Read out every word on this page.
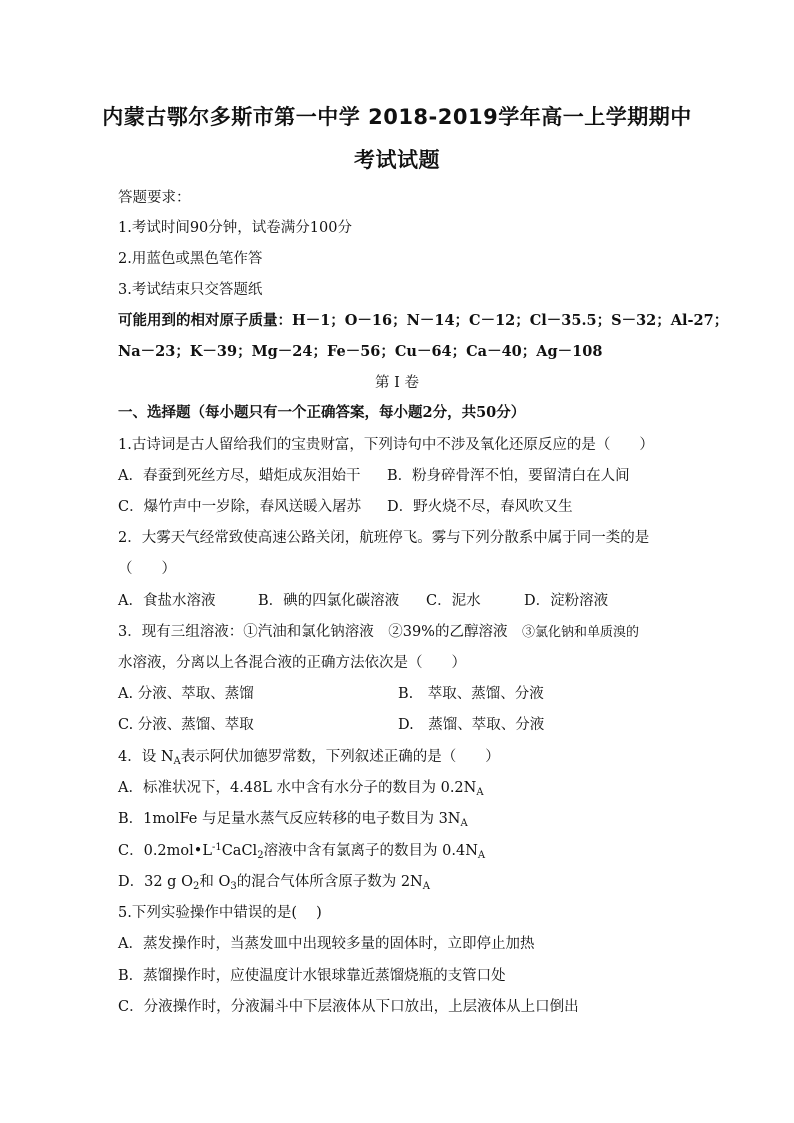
内蒙古鄂尔多斯市第一中学 2018-2019学年高一上学期期中
考试试题
答题要求：
1.考试时间90分钟，试卷满分100分
2.用蓝色或黑色笔作答
3.考试结束只交答题纸
可能用到的相对原子质量：H－1；O－16；N－14；C－12；Cl－35.5；S－32；Al-27；
Na－23；K－39；Mg－24；Fe－56；Cu－64；Ca－40；Ag－108
第 Ⅰ 卷
一、选择题（每小题只有一个正确答案，每小题2分，共50分）
1.古诗词是古人留给我们的宝贵财富，下列诗句中不涉及氧化还原反应的是（　　）
A．春蚕到死丝方尽，蜡炬成灰泪始干 B．粉身碎骨浑不怕，要留清白在人间
C．爆竹声中一岁除，春风送暖入屠苏 D．野火烧不尽，春风吹又生
2．大雾天气经常致使高速公路关闭，航班停飞。雾与下列分散系中属于同一类的是
（　　）
A．食盐水溶液	B．碘的四氯化碳溶液 C．泥水	D．淀粉溶液
3．现有三组溶液：①汽油和氯化钠溶液　②39%的乙醇溶液　③氯化钠和单质溴的
水溶液，分离以上各混合液的正确方法依次是（　　）
A. 分液、萃取、蒸馏	B.　萃取、蒸馏、分液
C. 分液、蒸馏、萃取	D.　蒸馏、萃取、分液
4．设 $N_A$表示阿伏加德罗常数，下列叙述正确的是（　　）
A．标准状况下，4.48L 水中含有水分子的数目为 $0.2N_A$
B．1molFe 与足量水蒸气反应转移的电子数目为 $3N_A$
C．$0.2mol•L^{-1}CaCl_2$溶液中含有氯离子的数目为 $0.4N_A$
D．32 g $O_2$和 $O_3$的混合气体所含原子数为 $2N_A$
5.下列实验操作中错误的是(　 )
A．蒸发操作时，当蒸发皿中出现较多量的固体时，立即停止加热
B．蒸馏操作时，应使温度计水银球靠近蒸馏烧瓶的支管口处
C．分液操作时，分液漏斗中下层液体从下口放出，上层液体从上口倒出
